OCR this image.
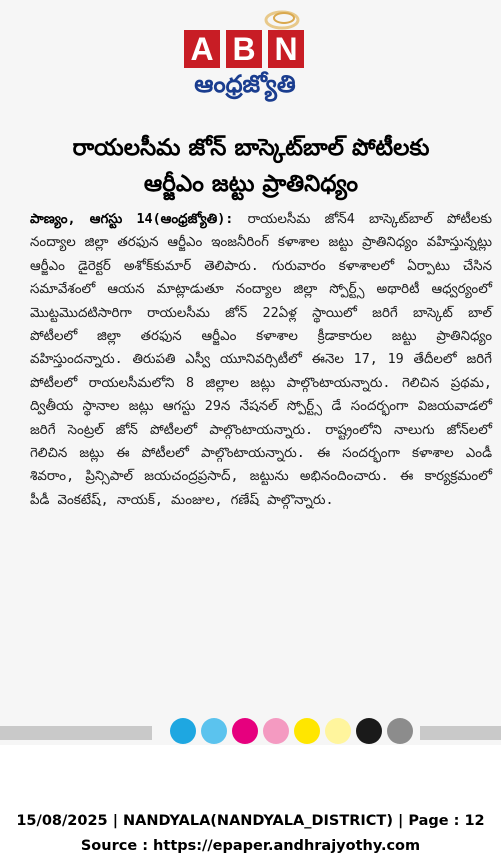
A B N
ఆంధ్రజ్యోతి
రాయలసీమ జోన్ బాస్కెట్‌బాల్ పోటీలకు
ఆర్జీఎం జట్టు ప్రాతినిధ్యం
పాణ్యం, ఆగస్టు 14(ఆంధ్రజ్యోతి): రాయలసీమ జోన్‌4 బాస్కెట్‌బాల్ పోటీలకు నంద్యాల జిల్లా తరఫున ఆర్జీఎం ఇంజనీరింగ్ కళాశాల జట్టు ప్రాతినిధ్యం వహిస్తున్నట్లు ఆర్జీఎం డైరెక్టర్ అశోక్‌కుమార్ తెలిపారు. గురువారం కళాశాలలో ఏర్పాటు చేసిన సమావేశంలో ఆయన మాట్లాడుతూ నంద్యాల జిల్లా స్పోర్ట్స్ అథారిటీ ఆధ్వర్యంలో మొట్టమొదటిసారిగా రాయలసీమ జోన్ 22ఏళ్ల స్థాయిలో జరిగే బాస్కెట్ బాల్ పోటీలలో జిల్లా తరఫున ఆర్జీఎం కళాశాల క్రీడాకారుల జట్టు ప్రాతినిధ్యం వహిస్తుందన్నారు. తిరుపతి ఎస్వీ యూనివర్సిటీలో ఈనెల 17, 19 తేదీలలో జరిగే పోటీలలో రాయలసీమలోని 8 జిల్లాల జట్లు పాల్గొంటాయన్నారు. గెలిచిన ప్రథమ, ద్వితీయ స్థానాల జట్లు ఆగస్టు 29న నేషనల్ స్పోర్ట్స్ డే సందర్భంగా విజయవాడలో జరిగే సెంట్రల్ జోన్ పోటీలలో పాల్గొంటాయన్నారు. రాష్ట్రంలోని నాలుగు జోన్‌లలో గెలిచిన జట్లు ఈ పోటీలలో పాల్గొంటాయన్నారు. ఈ సందర్భంగా కళాశాల ఎండీ శివరాం, ప్రిన్సిపాల్ జయచంద్రప్రసాద్, జట్టును అభినందించారు. ఈ కార్యక్రమంలో పీడీ వెంకటేష్, నాయక్, మంజుల, గణేష్ పాల్గొన్నారు.
15/08/2025 | NANDYALA(NANDYALA_DISTRICT) | Page : 12
Source : https://epaper.andhrajyothy.com
